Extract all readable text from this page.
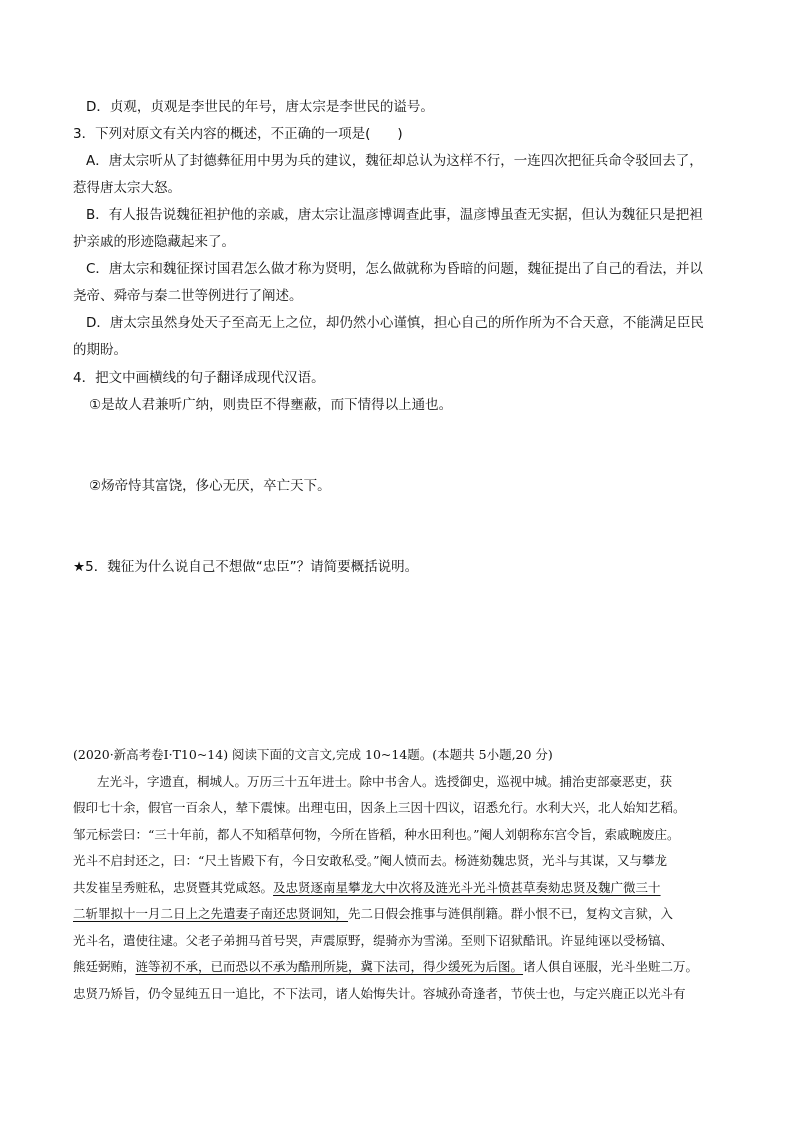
D．贞观，贞观是李世民的年号，唐太宗是李世民的谥号。

3．下列对原文有关内容的概述，不正确的一项是(　　)

A．唐太宗听从了封德彝征用中男为兵的建议，魏征却总认为这样不行，一连四次把征兵命令驳回去了，

惹得唐太宗大怒。

B．有人报告说魏征袒护他的亲戚，唐太宗让温彦博调查此事，温彦博虽查无实据，但认为魏征只是把袒

护亲戚的形迹隐藏起来了。

C．唐太宗和魏征探讨国君怎么做才称为贤明，怎么做就称为昏暗的问题，魏征提出了自己的看法，并以

尧帝、舜帝与秦二世等例进行了阐述。

D．唐太宗虽然身处天子至高无上之位，却仍然小心谨慎，担心自己的所作所为不合天意，不能满足臣民

的期盼。

4．把文中画横线的句子翻译成现代汉语。

①是故人君兼听广纳，则贵臣不得壅蔽，而下情得以上通也。

②炀帝恃其富饶，侈心无厌，卒亡天下。

★5．魏征为什么说自己不想做“忠臣”？请简要概括说明。

(2020·新高考卷Ⅰ·T10~14) 阅读下面的文言文,完成 10~14题。(本题共 5小题,20 分)

左光斗，字遗直，桐城人。万历三十五年进士。除中书舍人。选授御史，巡视中城。捕治吏部豪恶吏，获

假印七十余，假官一百余人，辇下震悚。出理屯田，因条上三因十四议，诏悉允行。水利大兴，北人始知艺稻。

邹元标尝曰：“三十年前，都人不知稻草何物，今所在皆稻，种水田利也。”阉人刘朝称东宫令旨，索戚畹废庄。

光斗不启封还之，曰：“尺土皆殿下有，今日安敢私受。”阉人愤而去。杨涟劾魏忠贤，光斗与其谋，又与攀龙

共发崔呈秀赃私，忠贤暨其党咸怒。及忠贤逐南星攀龙大中次将及涟光斗光斗愤甚草奏劾忠贤及魏广微三十

二斩罪拟十一月二日上之先遣妻子南还忠贤诇知，先二日假会推事与涟俱削籍。群小恨不已，复构文言狱，入

光斗名，遣使往逮。父老子弟拥马首号哭，声震原野，缇骑亦为雪涕。至则下诏狱酷讯。许显纯诬以受杨镐、

熊廷弼贿，涟等初不承，已而恐以不承为酷刑所毙，冀下法司，得少缓死为后图。诸人俱自诬服，光斗坐赃二万。

忠贤乃矫旨，仍令显纯五日一追比，不下法司，诸人始悔失计。容城孙奇逢者，节侠士也，与定兴鹿正以光斗有
